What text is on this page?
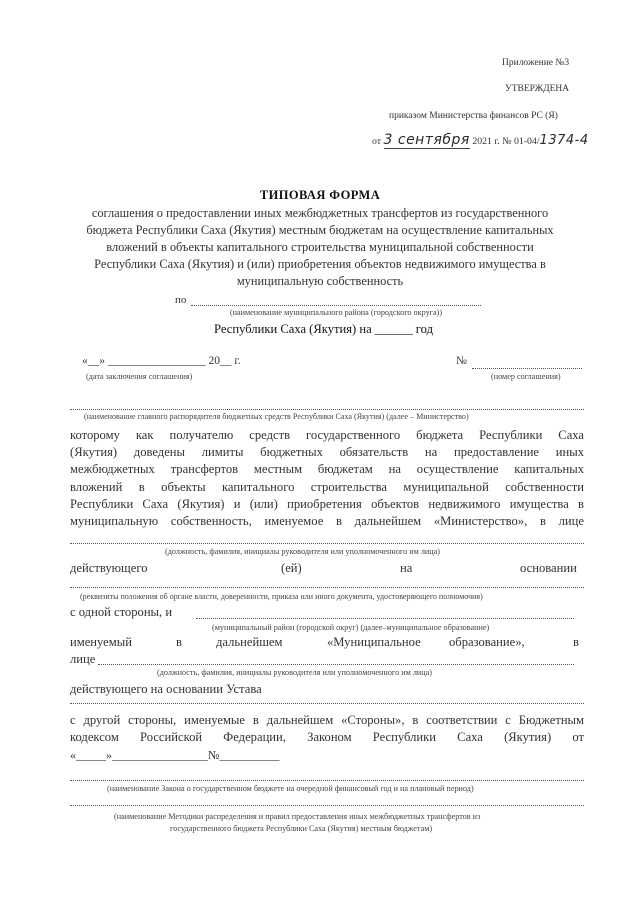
Приложение №3
УТВЕРЖДЕНА
приказом Министерства финансов РС (Я)
от 3 сентября 2021 г. № 01-04/1374-4
ТИПОВАЯ ФОРМА
соглашения о предоставлении иных межбюджетных трансфертов из государственного
бюджета Республики Саха (Якутия) местным бюджетам на осуществление капитальных
вложений в объекты капитального строительства муниципальной собственности
Республики Саха (Якутия) и (или) приобретения объектов недвижимого имущества в
муниципальную собственность
по
(наименование муниципального района (городского округа))
Республики Саха (Якутия) на ______ год
«__» _________________ 20__ г.
(дата заключения соглашения)
№
(номер соглашения)
(наименование главного распорядителя бюджетных средств Республики Саха (Якутия) (далее – Министерство)
которому как получателю средств государственного бюджета Республики Саха
(Якутия) доведены лимиты бюджетных обязательств на предоставление иных
межбюджетных трансфертов местным бюджетам на осуществление капитальных
вложений в объекты капитального строительства муниципальной собственности
Республики Саха (Якутия) и (или) приобретения объектов недвижимого имущества в
муниципальную собственность, именуемое в дальнейшем «Министерство», в лице
(должность, фамилия, инициалы руководителя или уполномоченного им лица)
действующего	(ей)	на	основании
(реквизиты положения об органе власти, доверенности, приказа или иного документа, удостоверяющего полномочия)
с одной стороны, и
(муниципальный район (городской округ) (далее–муниципальное образование)
именуемый	в	дальнейшем	«Муниципальное образование»,	в
лице
(должность, фамилия, инициалы руководителя или уполномоченного им лица)
действующего на основании Устава
с другой стороны, именуемые в дальнейшем «Стороны», в соответствии с Бюджетным
кодексом Российской Федерации, Законом Республики Саха (Якутия) от
«_____»________________№__________
(наименование Закона о государственном бюджете на очередной финансовый год и на плановый период)
(наименование Методики распределения и правил предоставления иных межбюджетных трансфертов из
государственного бюджета Республики Саха (Якутия) местным бюджетам)
